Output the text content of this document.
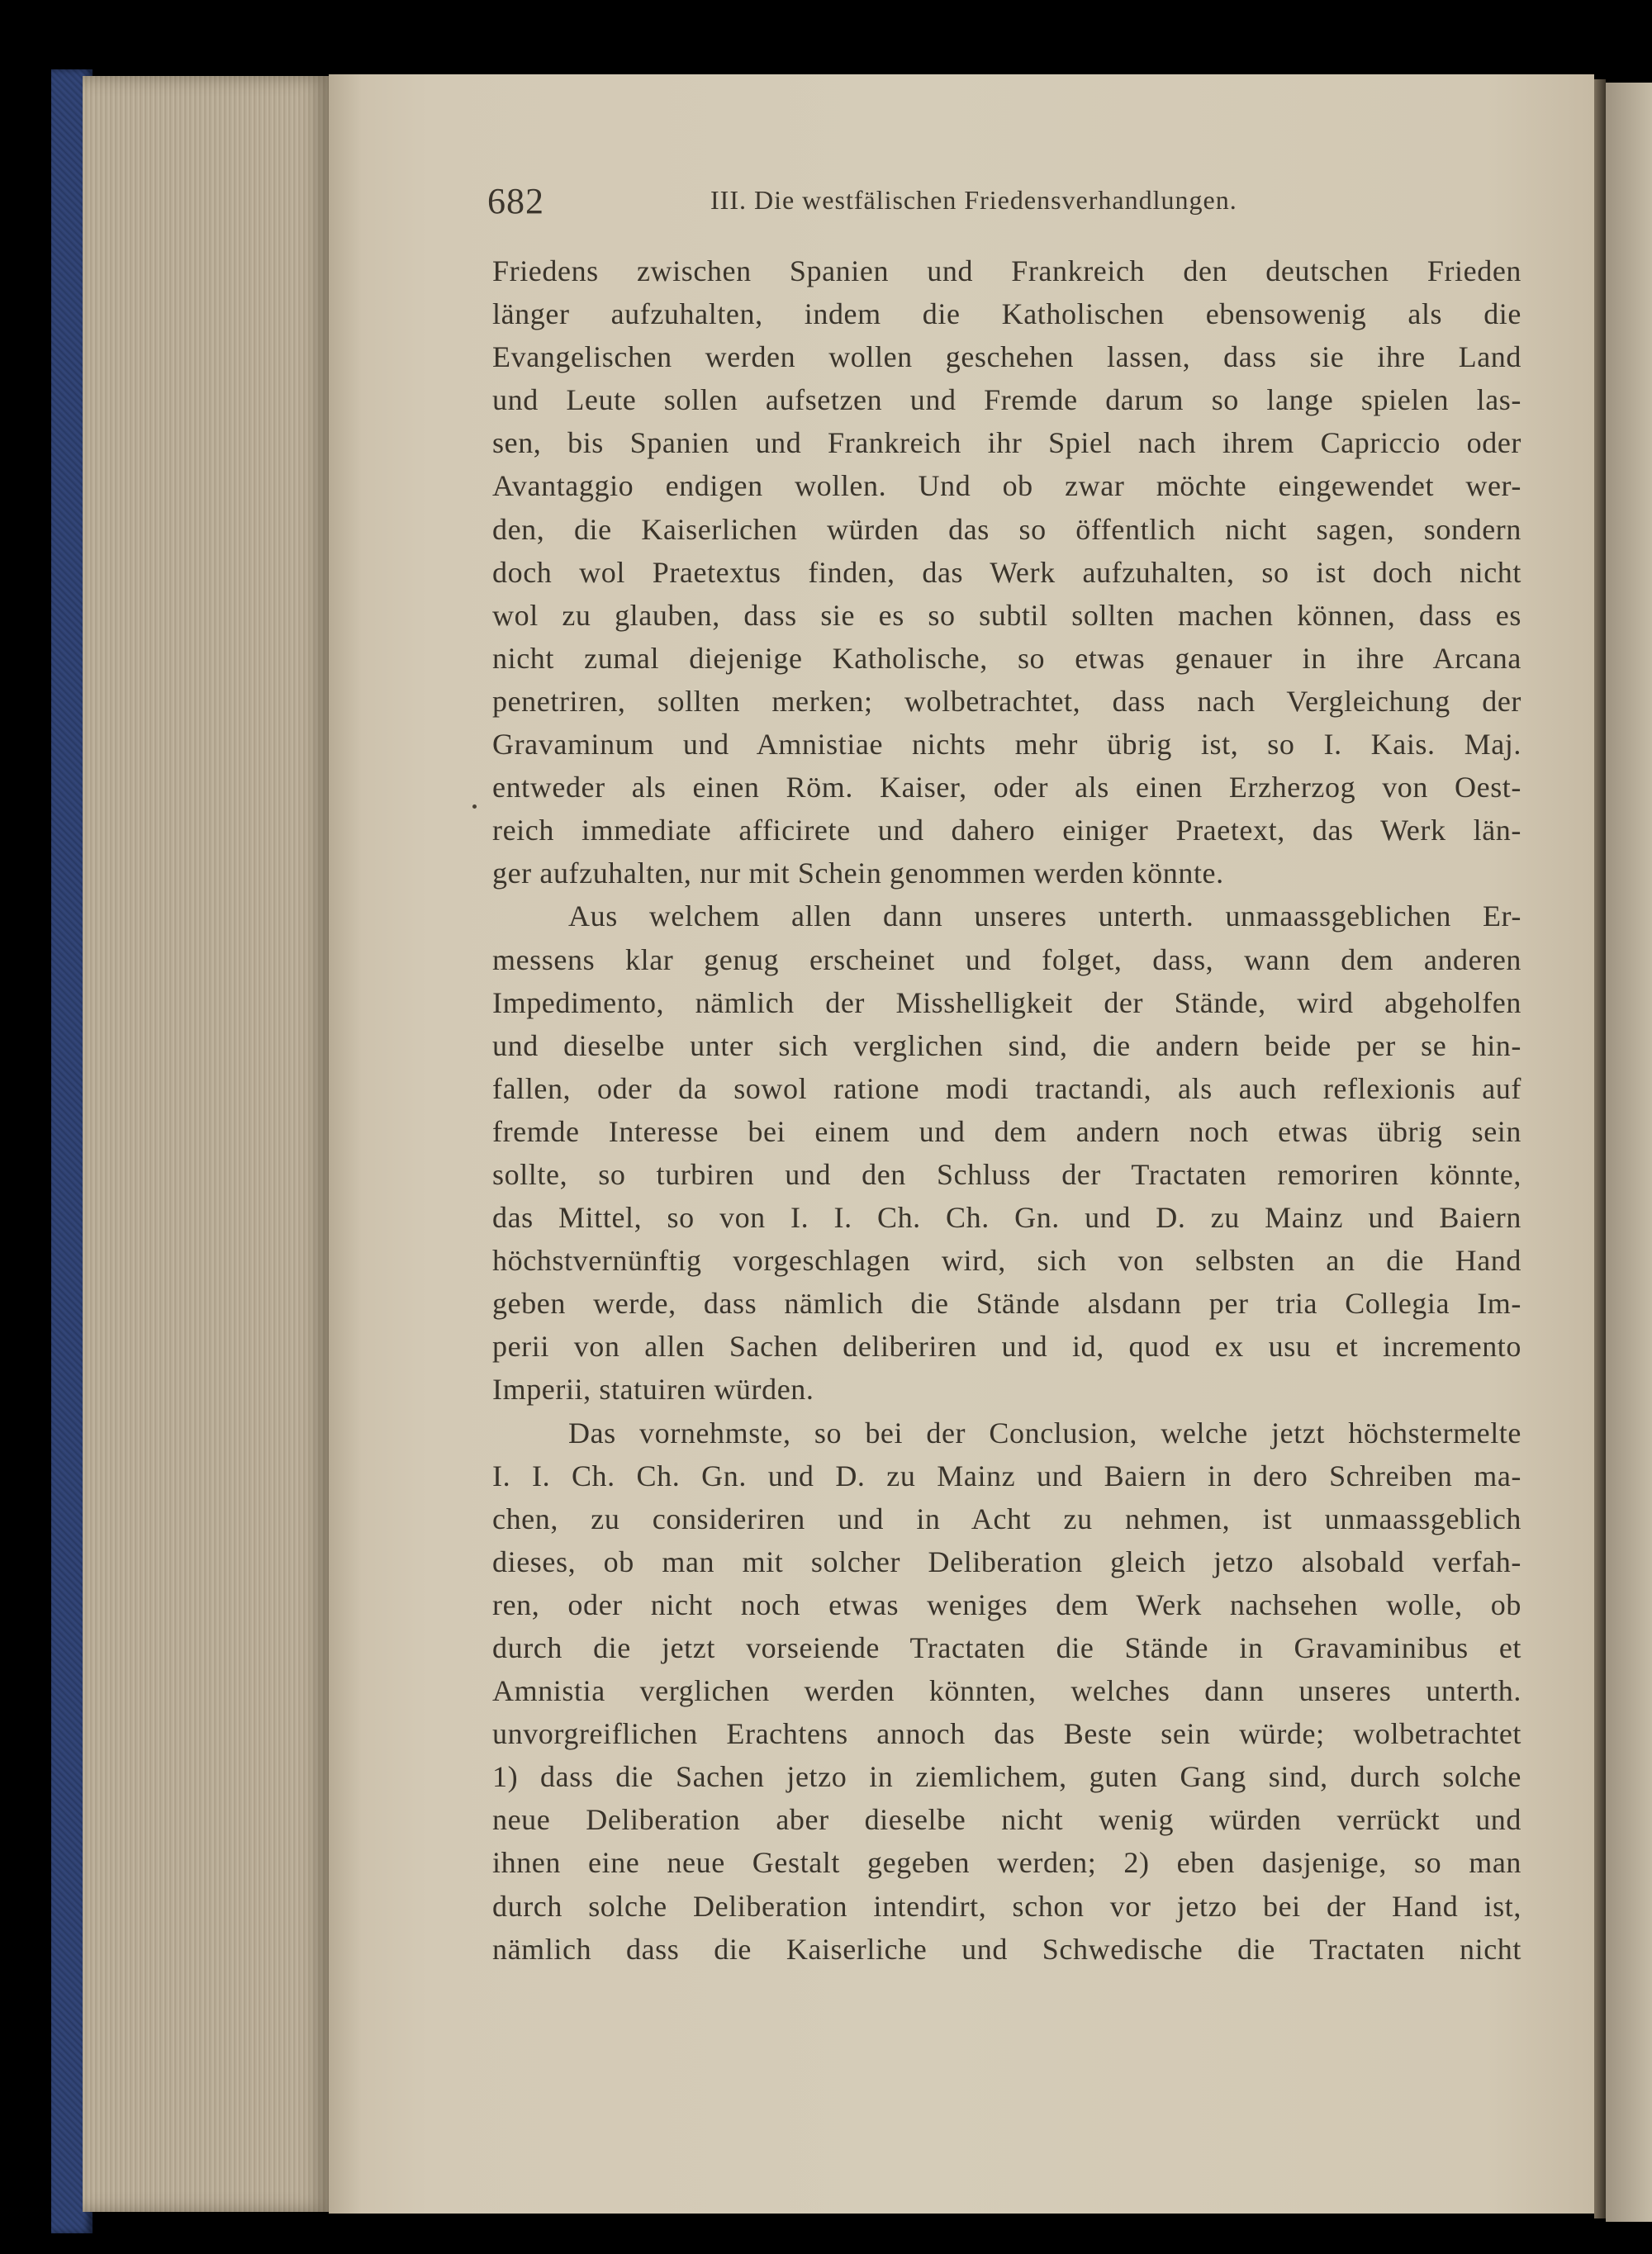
682	III. Die westfälischen Friedensverhandlungen.
Friedens zwischen Spanien und Frankreich den deutschen Frieden
länger aufzuhalten, indem die Katholischen ebensowenig als die
Evangelischen werden wollen geschehen lassen, dass sie ihre Land
und Leute sollen aufsetzen und Fremde darum so lange spielen las-
sen, bis Spanien und Frankreich ihr Spiel nach ihrem Capriccio oder
Avantaggio endigen wollen. Und ob zwar möchte eingewendet wer-
den, die Kaiserlichen würden das so öffentlich nicht sagen, sondern
doch wol Praetextus finden, das Werk aufzuhalten, so ist doch nicht
wol zu glauben, dass sie es so subtil sollten machen können, dass es
nicht zumal diejenige Katholische, so etwas genauer in ihre Arcana
penetriren, sollten merken; wolbetrachtet, dass nach Vergleichung der
Gravaminum und Amnistiae nichts mehr übrig ist, so I. Kais. Maj.
entweder als einen Röm. Kaiser, oder als einen Erzherzog von Oest-
reich immediate afficirete und dahero einiger Praetext, das Werk län-
ger aufzuhalten, nur mit Schein genommen werden könnte.
Aus welchem allen dann unseres unterth. unmaassgeblichen Er-
messens klar genug erscheinet und folget, dass, wann dem anderen
Impedimento, nämlich der Misshelligkeit der Stände, wird abgeholfen
und dieselbe unter sich verglichen sind, die andern beide per se hin-
fallen, oder da sowol ratione modi tractandi, als auch reflexionis auf
fremde Interesse bei einem und dem andern noch etwas übrig sein
sollte, so turbiren und den Schluss der Tractaten remoriren könnte,
das Mittel, so von I. I. Ch. Ch. Gn. und D. zu Mainz und Baiern
höchstvernünftig vorgeschlagen wird, sich von selbsten an die Hand
geben werde, dass nämlich die Stände alsdann per tria Collegia Im-
perii von allen Sachen deliberiren und id, quod ex usu et incremento
Imperii, statuiren würden.
Das vornehmste, so bei der Conclusion, welche jetzt höchstermelte
I. I. Ch. Ch. Gn. und D. zu Mainz und Baiern in dero Schreiben ma-
chen, zu consideriren und in Acht zu nehmen, ist unmaassgeblich
dieses, ob man mit solcher Deliberation gleich jetzo alsobald verfah-
ren, oder nicht noch etwas weniges dem Werk nachsehen wolle, ob
durch die jetzt vorseiende Tractaten die Stände in Gravaminibus et
Amnistia verglichen werden könnten, welches dann unseres unterth.
unvorgreiflichen Erachtens annoch das Beste sein würde; wolbetrachtet
1) dass die Sachen jetzo in ziemlichem, guten Gang sind, durch solche
neue Deliberation aber dieselbe nicht wenig würden verrückt und
ihnen eine neue Gestalt gegeben werden; 2) eben dasjenige, so man
durch solche Deliberation intendirt, schon vor jetzo bei der Hand ist,
nämlich dass die Kaiserliche und Schwedische die Tractaten nicht
